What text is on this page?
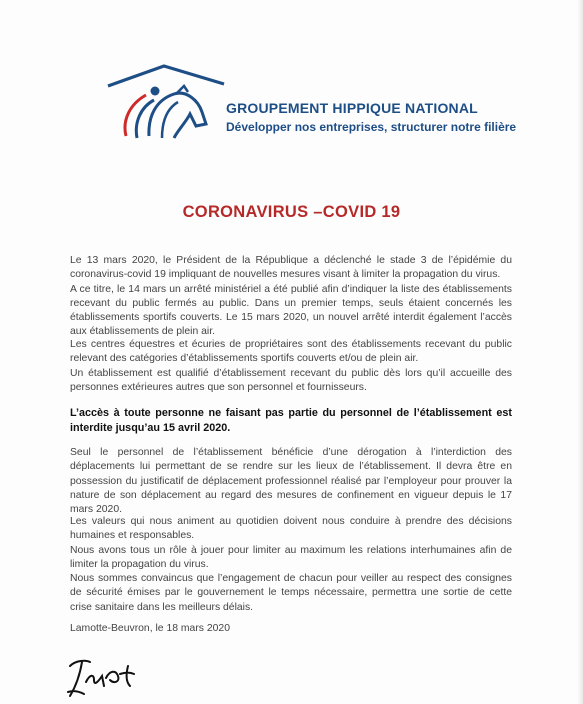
GROUPEMENT HIPPIQUE NATIONAL
Développer nos entreprises, structurer notre filière
CORONAVIRUS –COVID 19

Le 13 mars 2020, le Président de la République a déclenché le stade 3 de l’épidémie du coronavirus-covid 19 impliquant de nouvelles mesures visant à limiter la propagation du virus.

A ce titre, le 14 mars un arrêté ministériel a été publié afin d’indiquer la liste des établissements recevant du public fermés au public. Dans un premier temps, seuls étaient concernés les établissements sportifs couverts. Le 15 mars 2020, un nouvel arrêté interdit également l’accès aux établissements de plein air.

Les centres équestres et écuries de propriétaires sont des établissements recevant du public relevant des catégories d’établissements sportifs couverts et/ou de plein air.

Un établissement est qualifié d’établissement recevant du public dès lors qu’il accueille des personnes extérieures autres que son personnel et fournisseurs.

L’accès à toute personne ne faisant pas partie du personnel de l’établissement est interdite jusqu’au 15 avril 2020.

Seul le personnel de l’établissement bénéficie d’une dérogation à l’interdiction des déplacements lui permettant de se rendre sur les lieux de l’établissement. Il devra être en possession du justificatif de déplacement professionnel réalisé par l’employeur pour prouver la nature de son déplacement au regard des mesures de confinement en vigueur depuis le 17 mars 2020.

Les valeurs qui nous animent au quotidien doivent nous conduire à prendre des décisions humaines et responsables.

Nous avons tous un rôle à jouer pour limiter au maximum les relations interhumaines afin de limiter la propagation du virus.

Nous sommes convaincus que l’engagement de chacun pour veiller au respect des consignes de sécurité émises par le gouvernement le temps nécessaire, permettra une sortie de cette crise sanitaire dans les meilleurs délais.

Lamotte-Beuvron, le 18 mars 2020
